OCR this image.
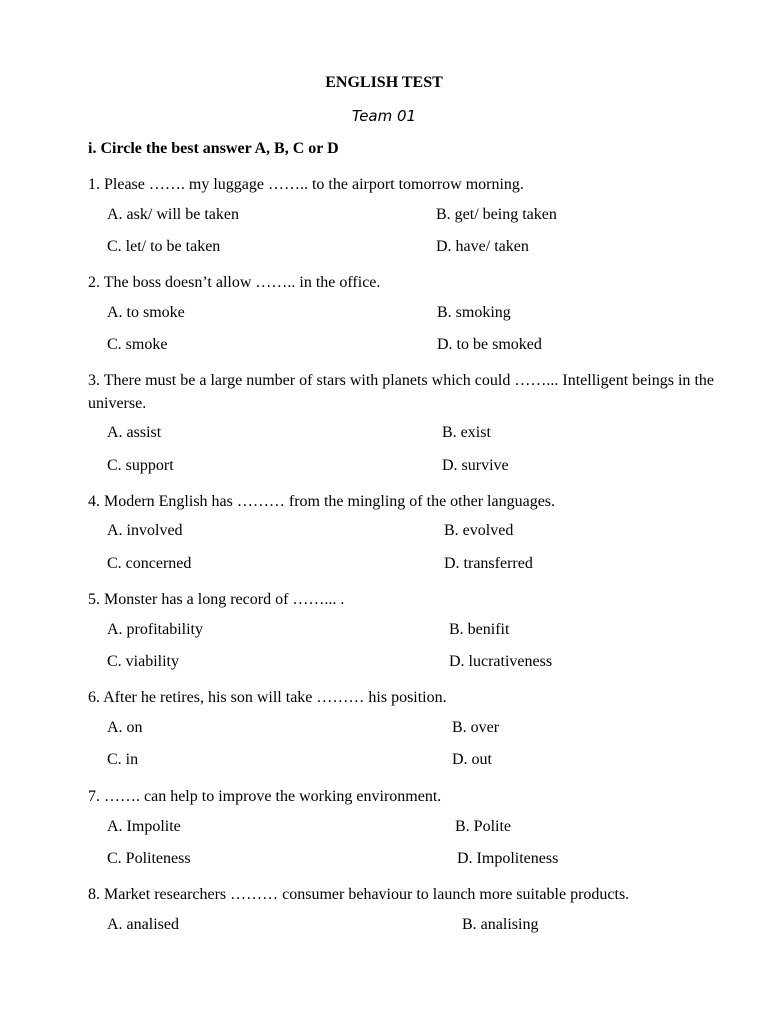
ENGLISH TEST
Team 01
i. Circle the best answer A, B, C or D
1. Please ……. my luggage …….. to the airport tomorrow morning.
A. ask/ will be taken	B. get/ being taken
C. let/ to be taken	D. have/ taken
2. The boss doesn’t allow …….. in the office.
A. to smoke	B. smoking
C. smoke	D. to be smoked
3. There must be a large number of stars with planets which could ……... Intelligent beings in the universe.
A. assist	B. exist
C. support	D. survive
4. Modern English has ……… from the mingling of the other languages.
A. involved	B. evolved
C. concerned	D. transferred
5. Monster has a long record of ……... .
A. profitability	B. benifit
C. viability	D. lucrativeness
6. After he retires, his son will take ……… his position.
A. on	B. over
C. in	D. out
7. ……. can help to improve the working environment.
A. Impolite	B. Polite
C. Politeness	D. Impoliteness
8. Market researchers ……… consumer behaviour to launch more suitable products.
A. analised	B. analising
